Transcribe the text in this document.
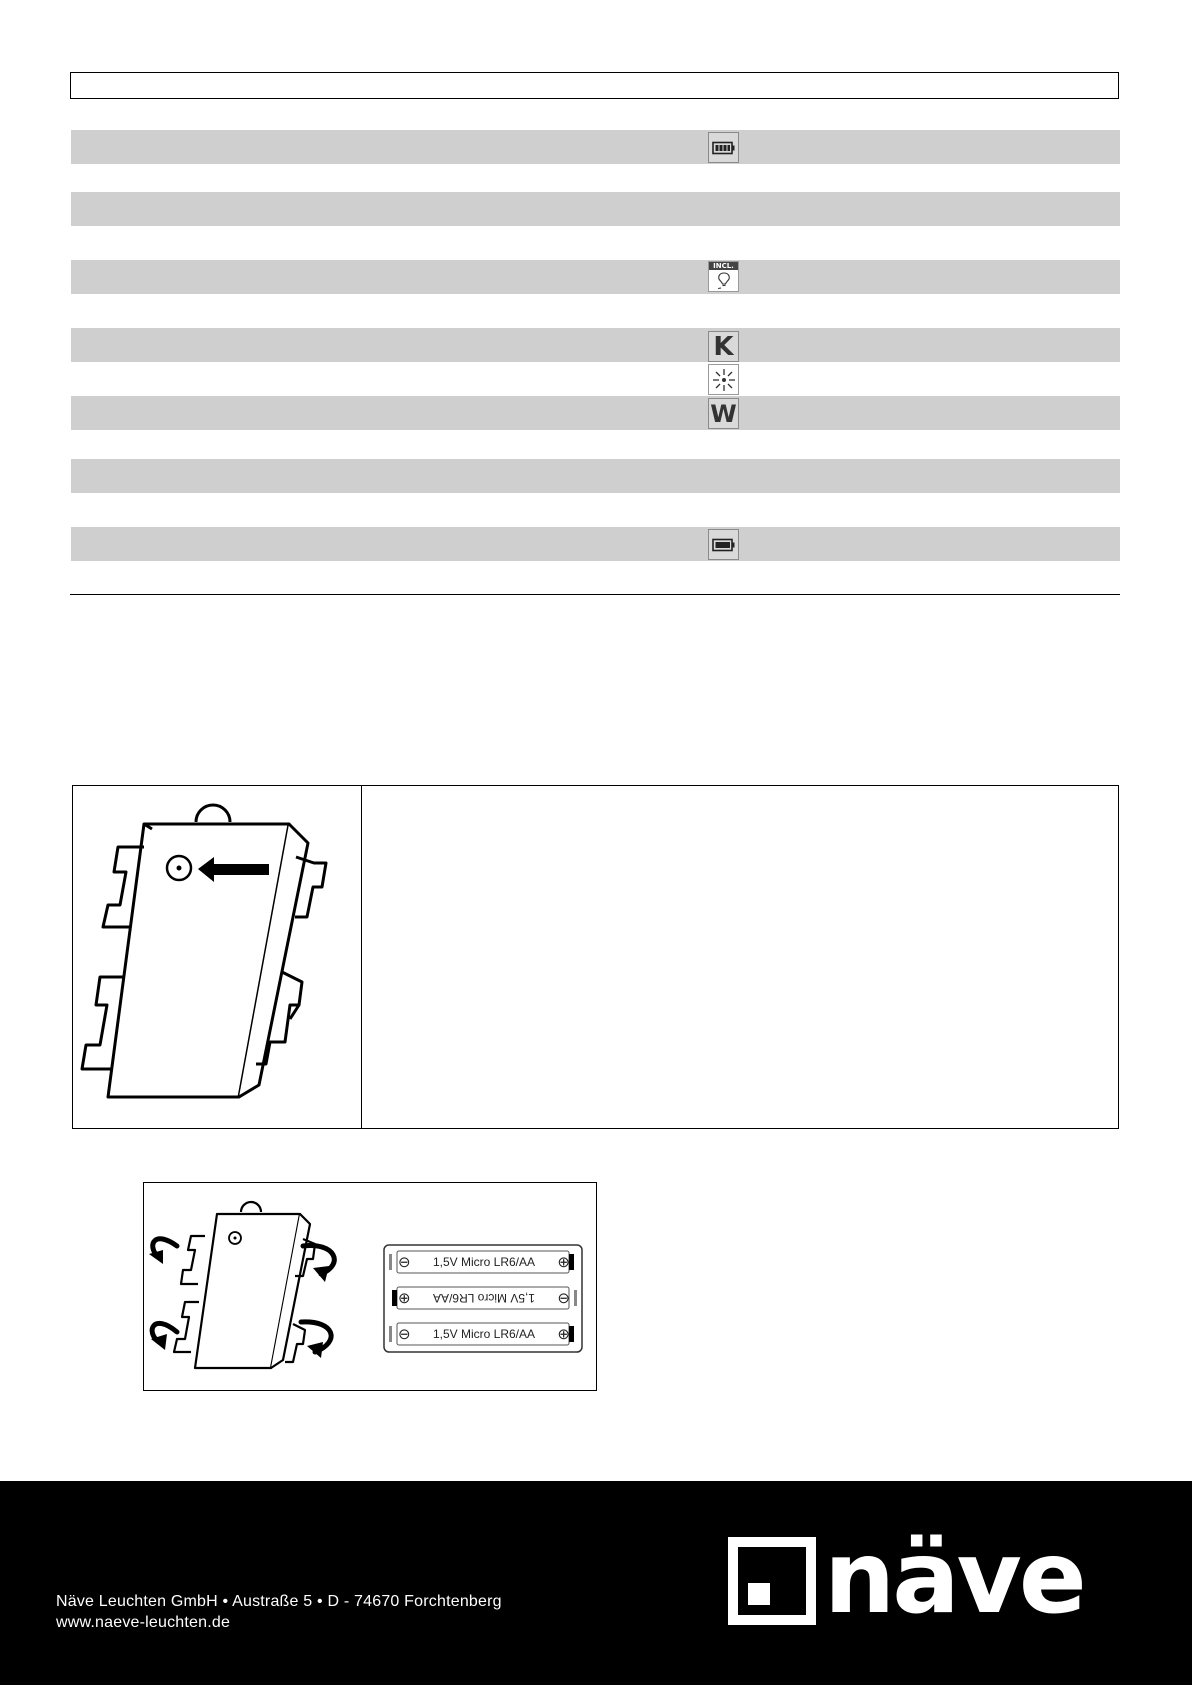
INCL.
K
W
⊖ 1,5V Micro LR6/AA ⊕
⊕ 1,5V Micro LR6/AA ⊖
⊖ 1,5V Micro LR6/AA ⊕
Näve Leuchten GmbH • Austraße 5 • D - 74670 Forchtenberg
www.naeve-leuchten.de	näve
